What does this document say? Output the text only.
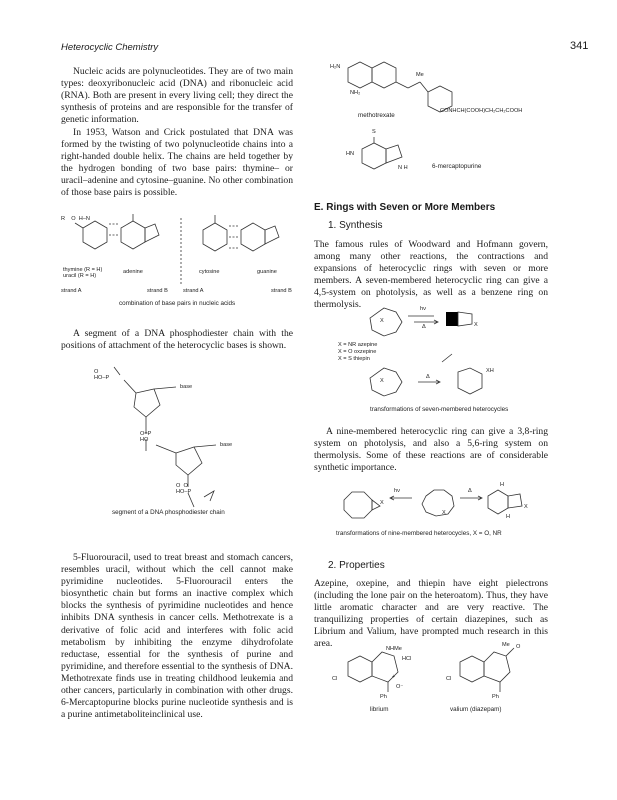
Heterocyclic Chemistry	341
Nucleic acids are polynucleotides. They are of two main types: deoxyribonucleic acid (DNA) and ribonucleic acid (RNA). Both are present in every living cell; they direct the synthesis of proteins and are responsible for the transfer of genetic information.
In 1953, Watson and Crick postulated that DNA was formed by the twisting of two polynucleotide chains into a right-handed double helix. The chains are held together by the hydrogen bonding of two base pairs: thymine– or uracil–adenine and cytosine–guanine. No other combination of those base pairs is possible.
R    O  H–N
thymine (R = H)
uracil (R = H)
adenine	cytosine	guanine
strand A	strand B	strand A	strand B
combination of base pairs in nucleic acids
A segment of a DNA phosphodiester chain with the positions of attachment of the heterocyclic bases is shown.
O
HO–P
base
O=P
HO
base
O  O
HO–P
segment of a DNA phosphodiester chain
5-Fluorouracil, used to treat breast and stomach cancers, resembles uracil, without which the cell cannot make pyrimidine nucleotides. 5-Fluorouracil enters the biosynthetic chain but forms an inactive complex which blocks the synthesis of pyrimidine nucleotides and hence inhibits DNA synthesis in cancer cells. Methotrexate is a derivative of folic acid and interferes with folic acid metabolism by inhibiting the enzyme dihydrofolate reductase, essential for the synthesis of purine and pyrimidine, and therefore essential to the synthesis of DNA. Methotrexate finds use in treating childhood leukemia and other cancers, particularly in combination with other drugs. 6-Mercaptopurine blocks purine nucleotide synthesis and is a purine antimetaboliteinclinical use.
H₂N
NH₂
Me
CONHCH(COOH)CH₂CH₂COOH
methotrexate
S
HN
N H	6-mercaptopurine
E. Rings with Seven or More Members
1. Synthesis
The famous rules of Woodward and Hofmann govern, among many other reactions, the contractions and expansions of heterocyclic rings with seven or more members. A seven-membered heterocyclic ring can give a 4,5-system on photolysis, as well as a benzene ring on thermolysis.	hν
Δ
X
X
X = NR azepine
X = O oxzepine
X = S thiepin
Δ
X
XH
transformations of seven-membered heterocycles
A nine-membered heterocyclic ring can give a 3,8-ring system on photolysis, and also a 5,6-ring system on thermolysis. Some of these reactions are of considerable synthetic importance.
hν	Δ
X
X
X
H
H
transformations of nine-membered heterocycles, X = O, NR
2. Properties
Azepine, oxepine, and thiepin have eight pielectrons (including the lone pair on the heteroatom). Thus, they have little aromatic character and are very reactive. The tranquilizing properties of certain diazepines, such as Librium and Valium, have prompted much research in this area.	NHMe
HCl
Cl	+
O⁻
Ph
Me O
Cl
Ph
librium	valium (diazepam)
